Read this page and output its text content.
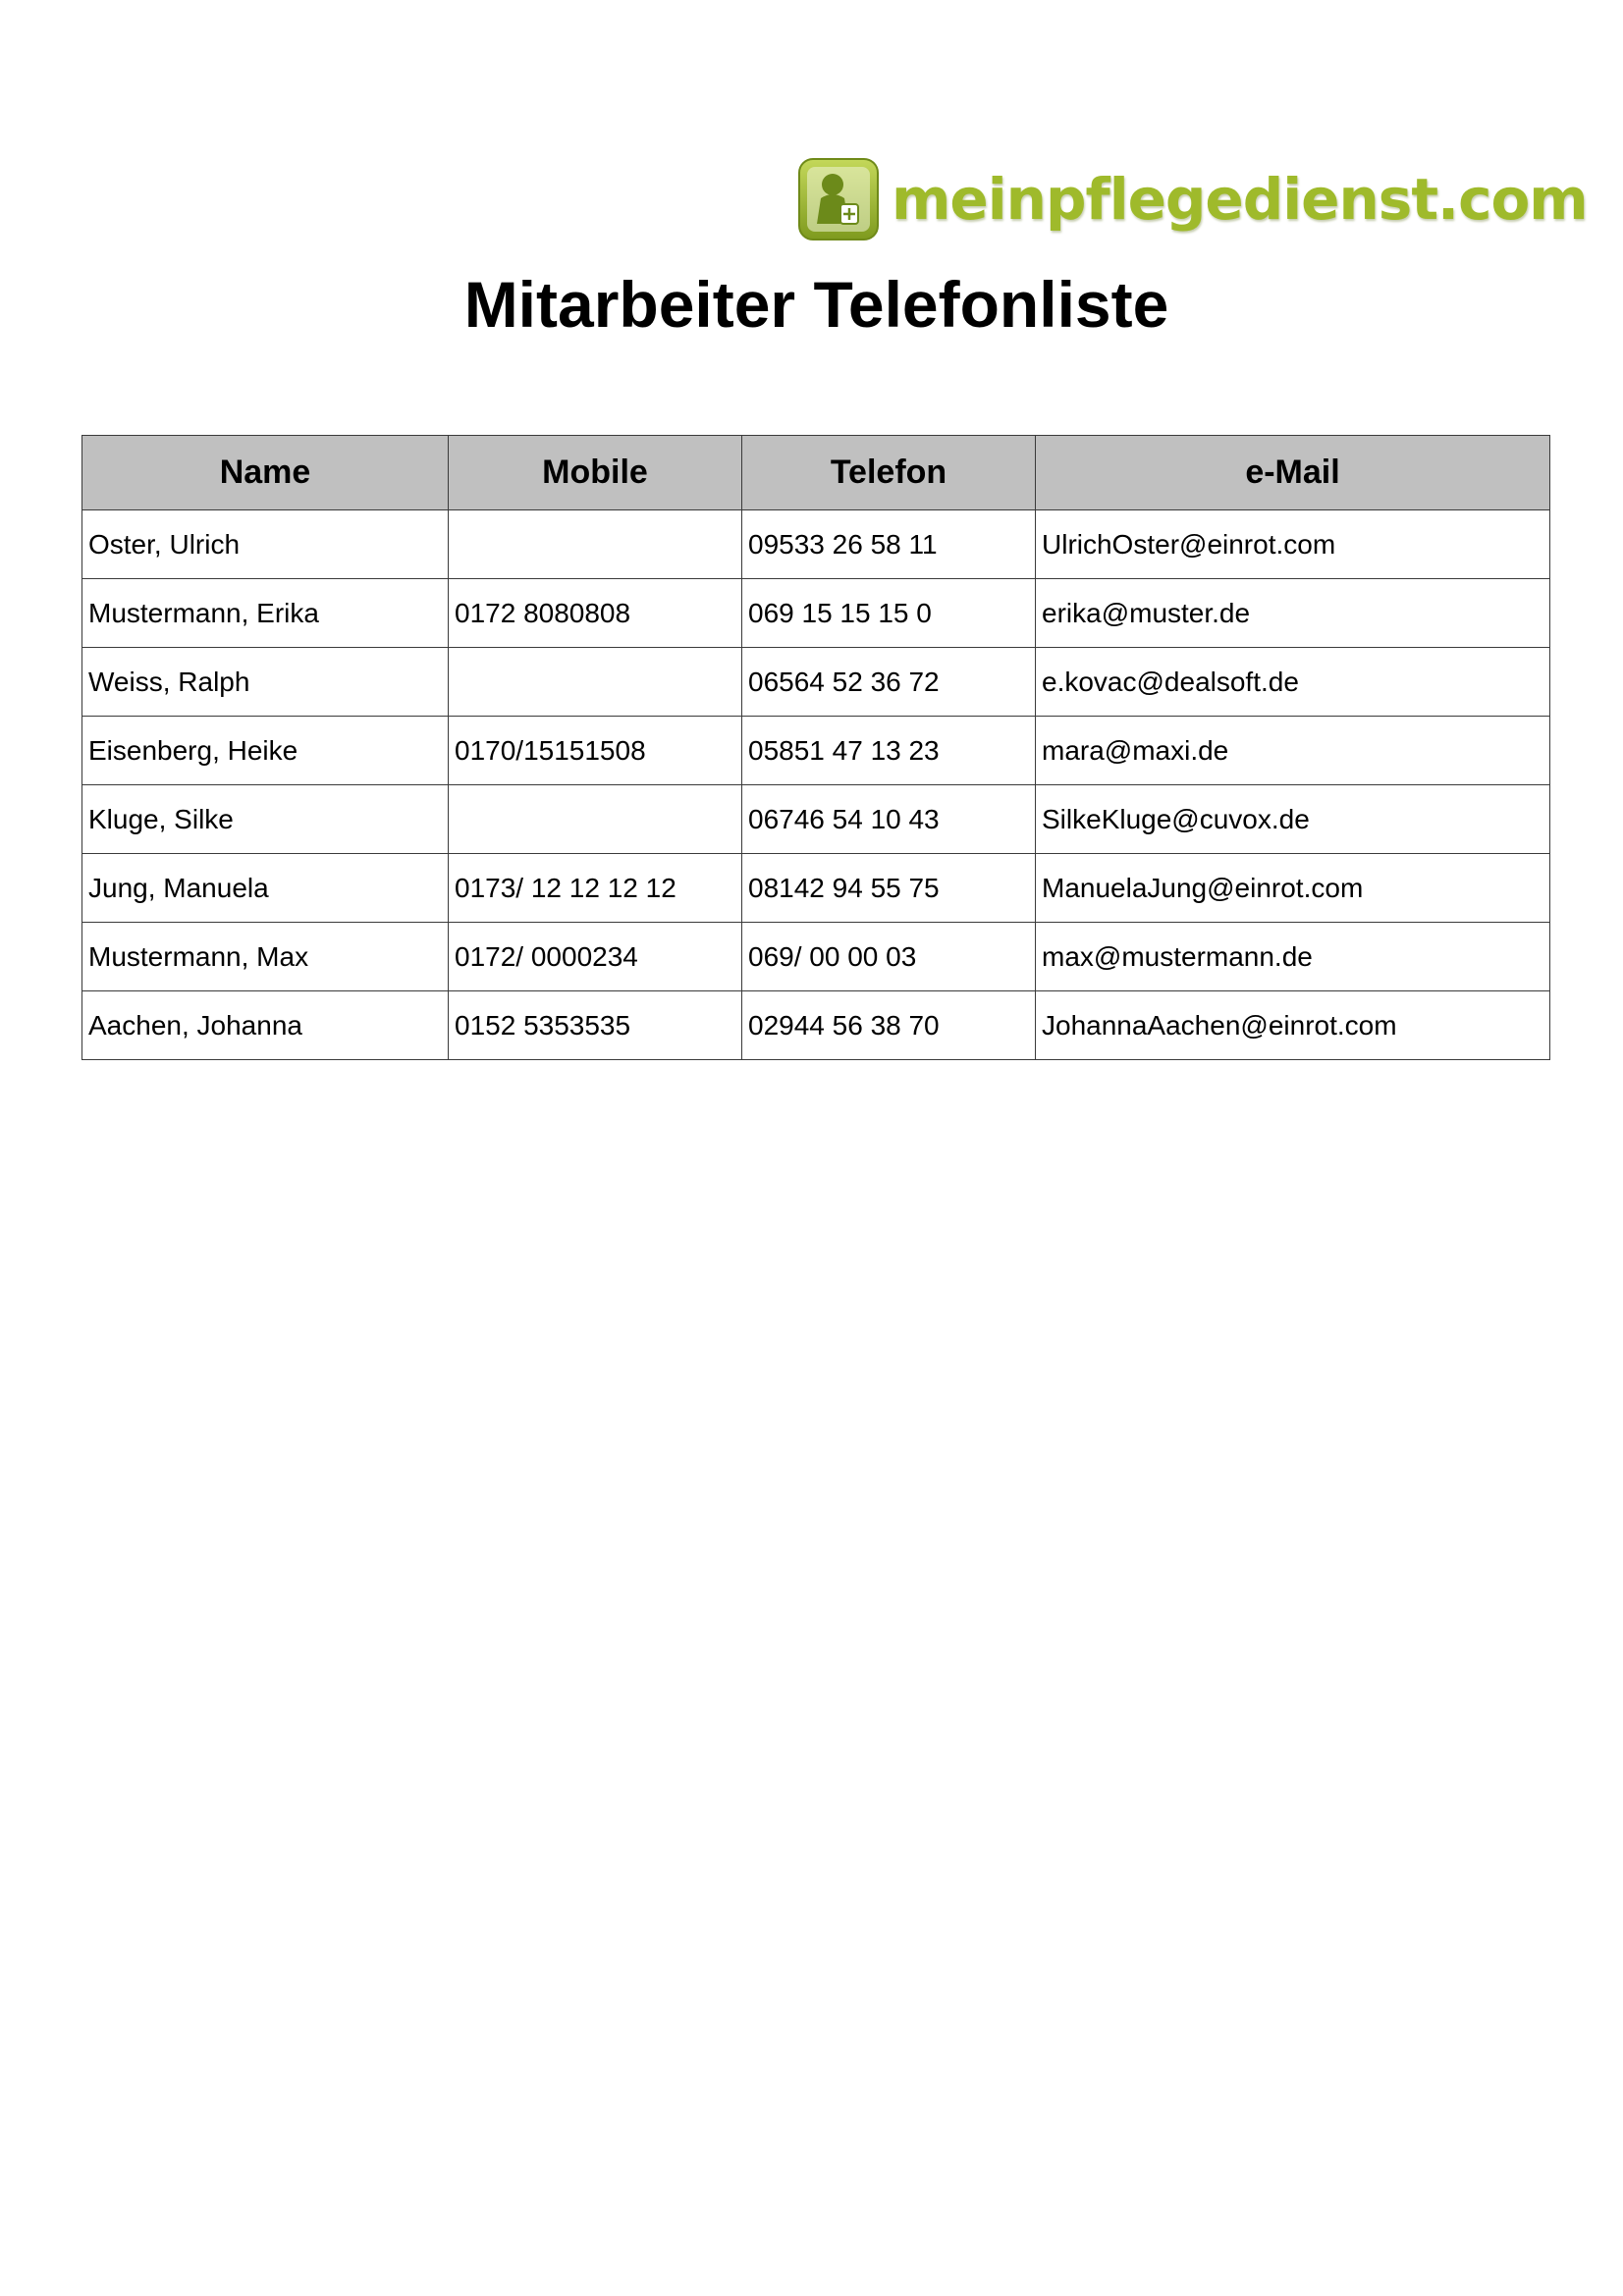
meinpflegedienst.com
Mitarbeiter Telefonliste
Name	Mobile	Telefon	e-Mail
Oster, Ulrich		09533 26 58 11	UlrichOster@einrot.com
Mustermann, Erika	0172 8080808	069 15 15 15 0	erika@muster.de
Weiss, Ralph		06564 52 36 72	e.kovac@dealsoft.de
Eisenberg, Heike	0170/15151508	05851 47 13 23	mara@maxi.de
Kluge, Silke		06746 54 10 43	SilkeKluge@cuvox.de
Jung, Manuela	0173/ 12 12 12 12	08142 94 55 75	ManuelaJung@einrot.com
Mustermann, Max	0172/ 0000234	069/ 00 00 03	max@mustermann.de
Aachen, Johanna	0152 5353535	02944 56 38 70	JohannaAachen@einrot.com
